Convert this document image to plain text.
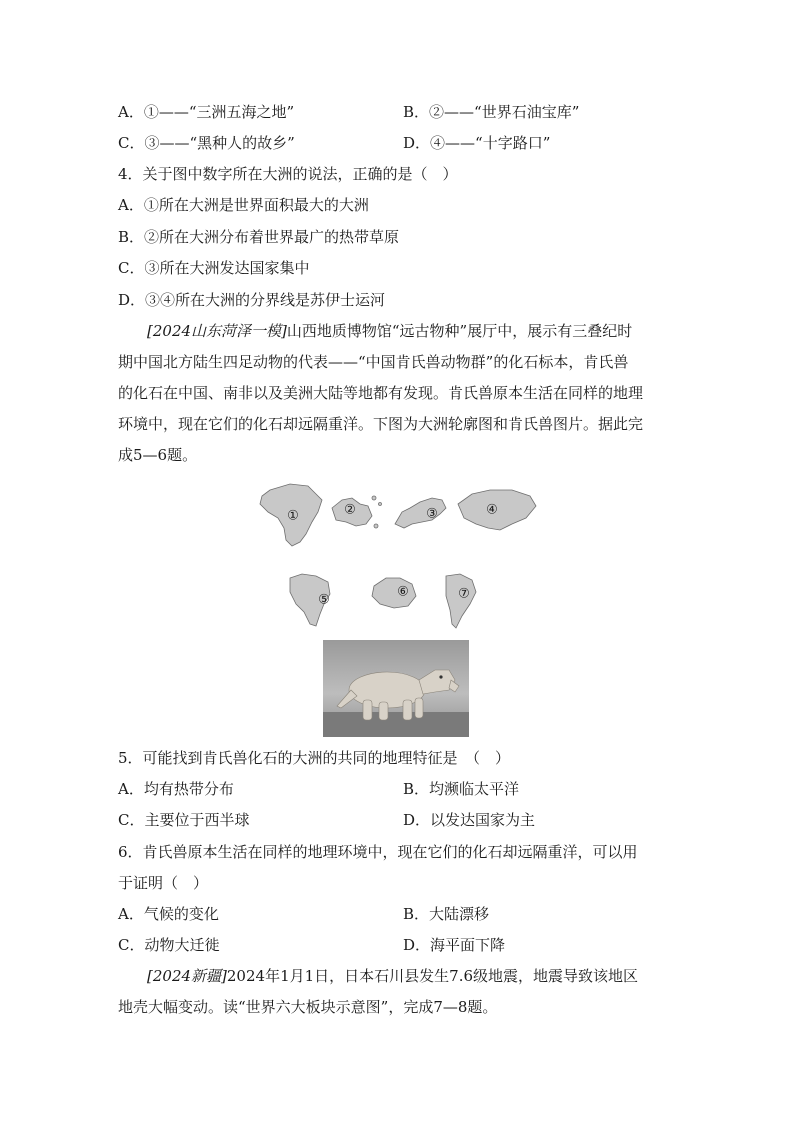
A．①——“三洲五海之地”	B．②——“世界石油宝库”
C．③——“黑种人的故乡”	D．④——“十字路口”
4．关于图中数字所在大洲的说法，正确的是（　）
A．①所在大洲是世界面积最大的大洲
B．②所在大洲分布着世界最广的热带草原
C．③所在大洲发达国家集中
D．③④所在大洲的分界线是苏伊士运河
[2024山东菏泽一模]山西地质博物馆“远古物种”展厅中，展示有三叠纪时
期中国北方陆生四足动物的代表——“中国肯氏兽动物群”的化石标本，肯氏兽
的化石在中国、南非以及美洲大陆等地都有发现。肯氏兽原本生活在同样的地理
环境中，现在它们的化石却远隔重洋。下图为大洲轮廓图和肯氏兽图片。据此完
成5—6题。
①	②	③	④
⑤
⑥	⑦
5．可能找到肯氏兽化石的大洲的共同的地理特征是　（　）
A．均有热带分布	B．均濒临太平洋
C．主要位于西半球	D．以发达国家为主
6．肯氏兽原本生活在同样的地理环境中，现在它们的化石却远隔重洋，可以用
于证明（　）
A．气候的变化	B．大陆漂移
C．动物大迁徙	D．海平面下降
[2024新疆]2024年1月1日，日本石川县发生7.6级地震，地震导致该地区
地壳大幅变动。读“世界六大板块示意图”，完成7—8题。
